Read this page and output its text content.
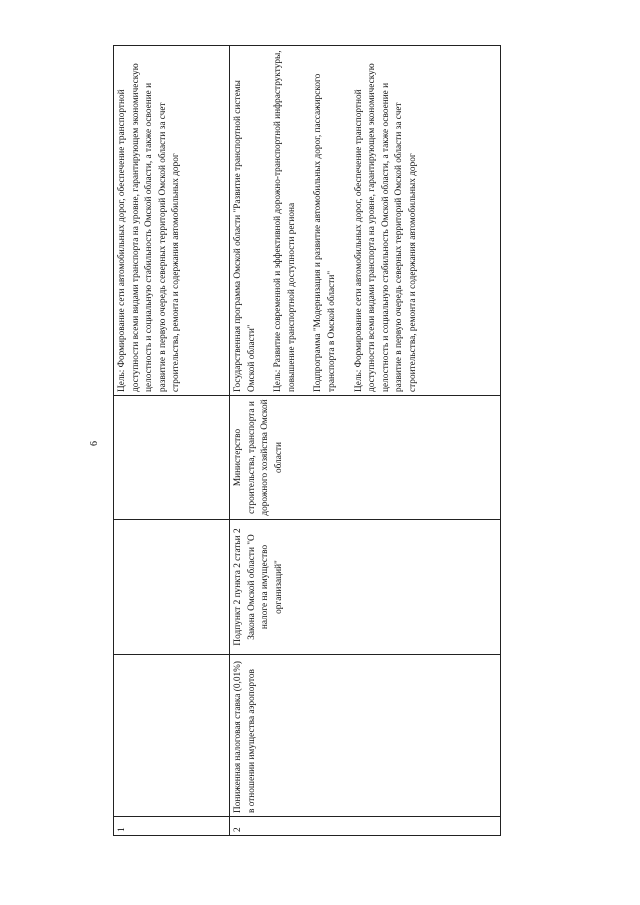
6
1				Цель: Формирование сети автомобильных дорог, обеспечение транспортной доступности всеми видами транспорта на уровне, гарантирующем экономическую целостность и социальную стабильность Омской области, а также освоение и развитие в первую очередь северных территорий Омской области за счет строительства, ремонта и содержания автомобильных дорог

2	Пониженная налоговая ставка (0,01%) в отношении имущества аэропортов	Подпункт 2 пункта 2 статьи 2 Закона Омской области "О налоге на имущество организаций"	Министерство строительства, транспорта и дорожного хозяйства Омской области	Государственная программа Омской области "Развитие транспортной системы Омской области" Цель: Развитие современной и эффективной дорожно-транспортной инфраструктуры, повышение транспортной доступности региона Подпрограмма "Модернизация и развитие автомобильных дорог, пассажирского транспорта в Омской области" Цель: Формирование сети автомобильных дорог, обеспечение транспортной доступности всеми видами транспорта на уровне, гарантирующем экономическую целостность и социальную стабильность Омской области, а также освоение и развитие в первую очередь северных территорий Омской области за счет строительства, ремонта и содержания автомобильных дорог
